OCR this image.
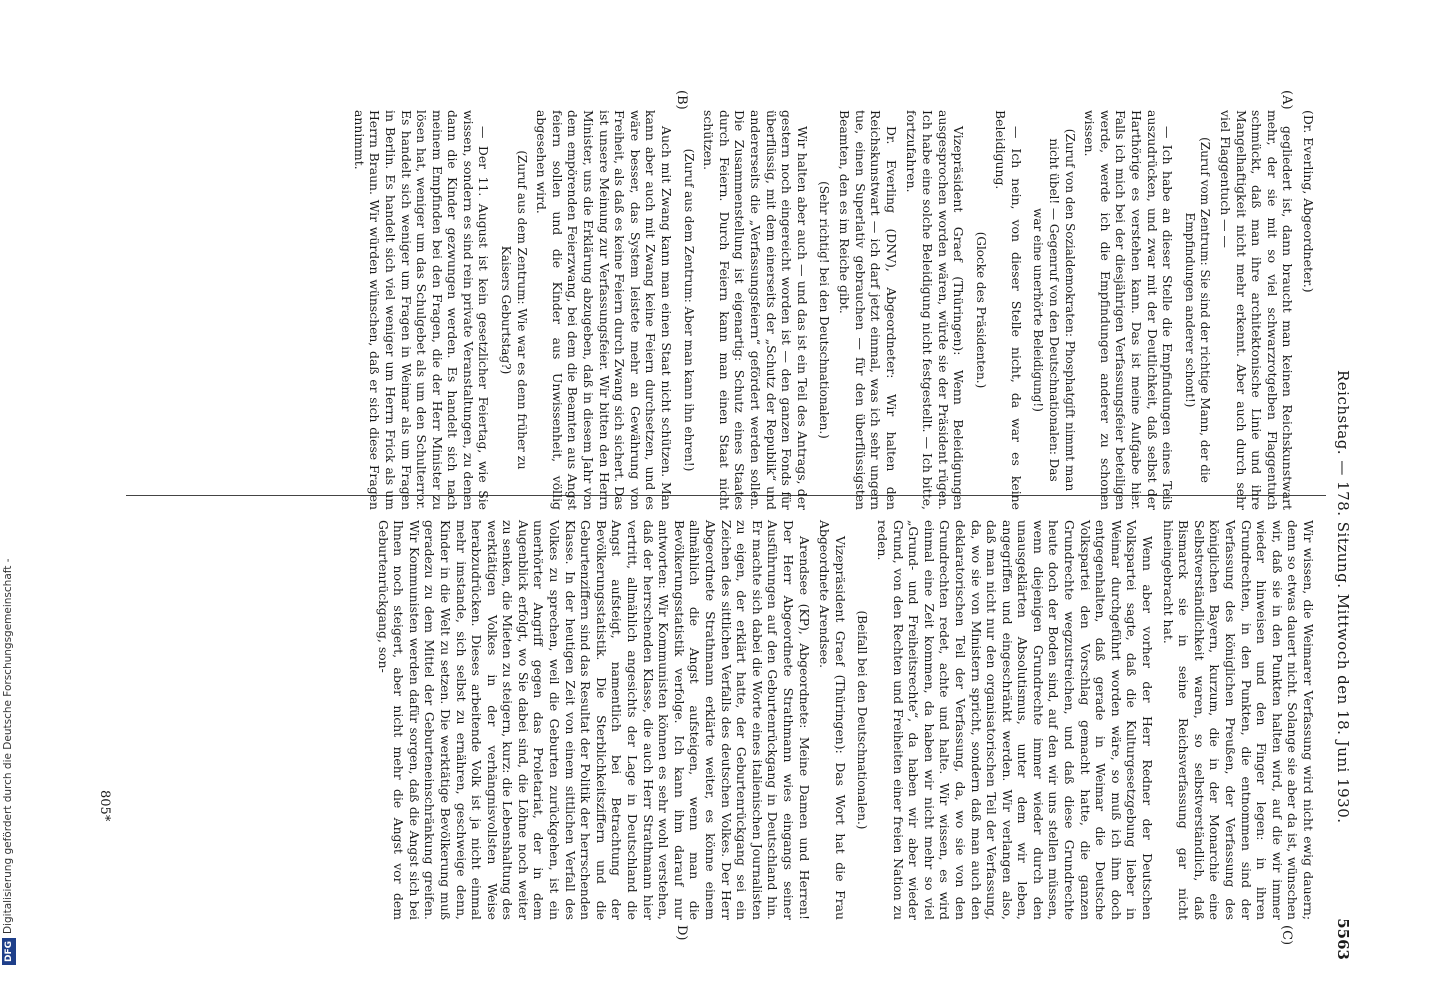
DFGDigitalisierung gefördert durch die Deutsche Forschungsgemeinschaft -	Reichstag. — 178. Sitzung. Mittwoch den 18. Juni 1930.
5563
(A)
(B)
(C)
D)

(Dr. Everling, Abgeordneter.)

gegliedert ist, dann braucht man keinen Reichskunstwart mehr, der sie mit so viel schwarzrotgelben Flaggentuch schmückt, daß man ihre architektonische Linie und ihre Mangelhaftigkeit nicht mehr erkennt. Aber auch durch sehr viel Flaggentuch — —

(Zuruf vom Zentrum: Sie sind der richtige Mann, der die Empfindungen anderer schont!)

— Ich habe an dieser Stelle die Empfindungen eines Teils auszudrücken, und zwar mit der Deutlichkeit, daß selbst der Harthörige es verstehen kann. Das ist meine Aufgabe hier. Falls ich mich bei der diesjährigen Verfassungsfeier beteiligen werde, werde ich die Empfindungen anderer zu schonen wissen.

(Zuruf von den Sozialdemokraten: Phosphatgift nimmt man nicht übel! — Gegenruf von den Deutschnationalen: Das war eine unerhörte Beleidigung!)

— Ich nein, von dieser Stelle nicht, da war es keine Beleidigung.

(Glocke des Präsidenten.)

Vizepräsident Graef (Thüringen): Wenn Beleidigungen ausgesprochen worden wären, würde sie der Präsident rügen. Ich habe eine solche Beleidigung nicht festgestellt. — Ich bitte, fortzufahren.

Dr. Everling (DNV), Abgeordneter: Wir halten den Reichskunstwart — ich darf jetzt einmal, was ich sehr ungern tue, einen Superlativ gebrauchen — für den überflüssigsten Beamten, den es im Reiche gibt.

(Sehr richtig! bei den Deutschnationalen.)

Wir halten aber auch — und das ist ein Teil des Antrags, der gestern noch eingereicht worden ist — den ganzen Fonds für überflüssig, mit dem einerseits der „Schutz der Republik“ und andererseits die „Verfassungsfeiern“ gefördert werden sollen. Die Zusammenstellung ist eigenartig: Schutz eines Staates durch Feiern. Durch Feiern kann man einen Staat nicht schützen.

(Zuruf aus dem Zentrum: Aber man kann ihn ehren!)

Auch mit Zwang kann man einen Staat nicht schützen. Man kann aber auch mit Zwang keine Feiern durchsetzen, und es wäre besser, das System leistete mehr an Gewährung von Freiheit, als daß es keine Feiern durch Zwang sich sichert. Das ist unsere Meinung zur Verfassungsfeier. Wir bitten den Herrn Minister, uns die Erklärung abzugeben, daß in diesem Jahr von dem empörenden Feierzwang, bei dem die Beamten aus Angst feiern sollen und die Kinder aus Unwissenheit, völlig abgesehen wird.

(Zuruf aus dem Zentrum: Wie war es denn früher zu Kaisers Geburtstag?)

— Der 11. August ist kein gesetzlicher Feiertag, wie Sie wissen, sondern es sind rein private Veranstaltungen, zu denen dann die Kinder gezwungen werden. Es handelt sich nach meinem Empfinden bei den Fragen, die der Herr Minister zu lösen hat, weniger um das Schulgebet als um den Schulterror. Es handelt sich weniger um Fragen in Weimar als um Fragen in Berlin. Es handelt sich viel weniger um Herrn Frick als um Herrn Braun. Wir würden wünschen, daß er sich diese Fragen annimmt.

Wir wissen, die Weimarer Verfassung wird nicht ewig dauern; denn so etwas dauert nicht. Solange sie aber da ist, wünschen wir, daß sie in den Punkten halten wird, auf die wir immer wieder hinweisen und den Finger legen: in ihren Grundrechten, in den Punkten, die entnommen sind der Verfassung des königlichen Preußen, der Verfassung des königlichen Bayern, kurzum, die in der Monarchie eine Selbstverständlichkeit waren, so selbstverständlich, daß Bismarck sie in seine Reichsverfassung gar nicht hineingebracht hat.

Wenn aber vorher der Herr Redner der Deutschen Volkspartei sagte, daß die Kulturgesetzgebung lieber in Weimar durchgeführt worden wäre, so muß ich ihm doch entgegenhalten, daß gerade in Weimar die Deutsche Volkspartei den Vorschlag gemacht hatte, die ganzen Grundrechte wegzustreichen, und daß diese Grundrechte heute doch der Boden sind, auf den wir uns stellen müssen, wenn diejenigen Grundrechte immer wieder durch den unausgeklärten Absolutismus, unter dem wir leben, angegriffen und eingeschränkt werden. Wir verlangen also, daß man nicht nur den organisatorischen Teil der Verfassung, da, wo sie von Ministern spricht, sondern daß man auch den deklaratorischen Teil der Verfassung, da, wo sie von den Grundrechten redet, achte und halte. Wir wissen, es wird einmal eine Zeit kommen, da haben wir nicht mehr so viel „Grund- und Freiheitsrechte“, da haben wir aber wieder Grund, von den Rechten und Freiheiten einer freien Nation zu reden.

(Beifall bei den Deutschnationalen.)

Vizepräsident Graef (Thüringen): Das Wort hat die Frau Abgeordnete Arendsee.

Arendsee (KP), Abgeordnete: Meine Damen und Herren! Der Herr Abgeordnete Strathmann wies eingangs seiner Ausführungen auf den Geburtenrückgang in Deutschland hin. Er machte sich dabei die Worte eines italienischen Journalisten zu eigen, der erklärt hatte, der Geburtenrückgang sei ein Zeichen des sittlichen Verfalls des deutschen Volkes. Der Herr Abgeordnete Strathmann erklärte weiter, es könne einem allmählich die Angst aufsteigen, wenn man die Bevölkerungsstatistik verfolge. Ich kann ihm darauf nur antworten: Wir Kommunisten können es sehr wohl verstehen, daß der herrschenden Klasse, die auch Herr Strathmann hier vertritt, allmählich angesichts der Lage in Deutschland die Angst aufsteigt, namentlich bei Betrachtung der Bevölkerungsstatistik. Die Sterblichkeitsziffern und die Geburtenziffern sind das Resultat der Politik der herrschenden Klasse. In der heutigen Zeit von einem sittlichen Verfall des Volkes zu sprechen, weil die Geburten zurückgehen, ist ein unerhörter Angriff gegen das Proletariat, der in dem Augenblick erfolgt, wo Sie dabei sind, die Löhne noch weiter zu senken, die Mieten zu steigern, kurz: die Lebenshaltung des werktätigen Volkes in der verhängnisvollsten Weise herabzudrücken. Dieses arbeitende Volk ist ja nicht einmal mehr imstande, sich selbst zu ernähren, geschweige denn, Kinder in die Welt zu setzen. Die werktätige Bevölkerung muß geradezu zu dem Mittel der Geburteneinschränkung greifen. Wir Kommunisten werden dafür sorgen, daß die Angst sich bei Ihnen noch steigert, aber nicht mehr die Angst vor dem Geburtenrückgang, son-

805*
